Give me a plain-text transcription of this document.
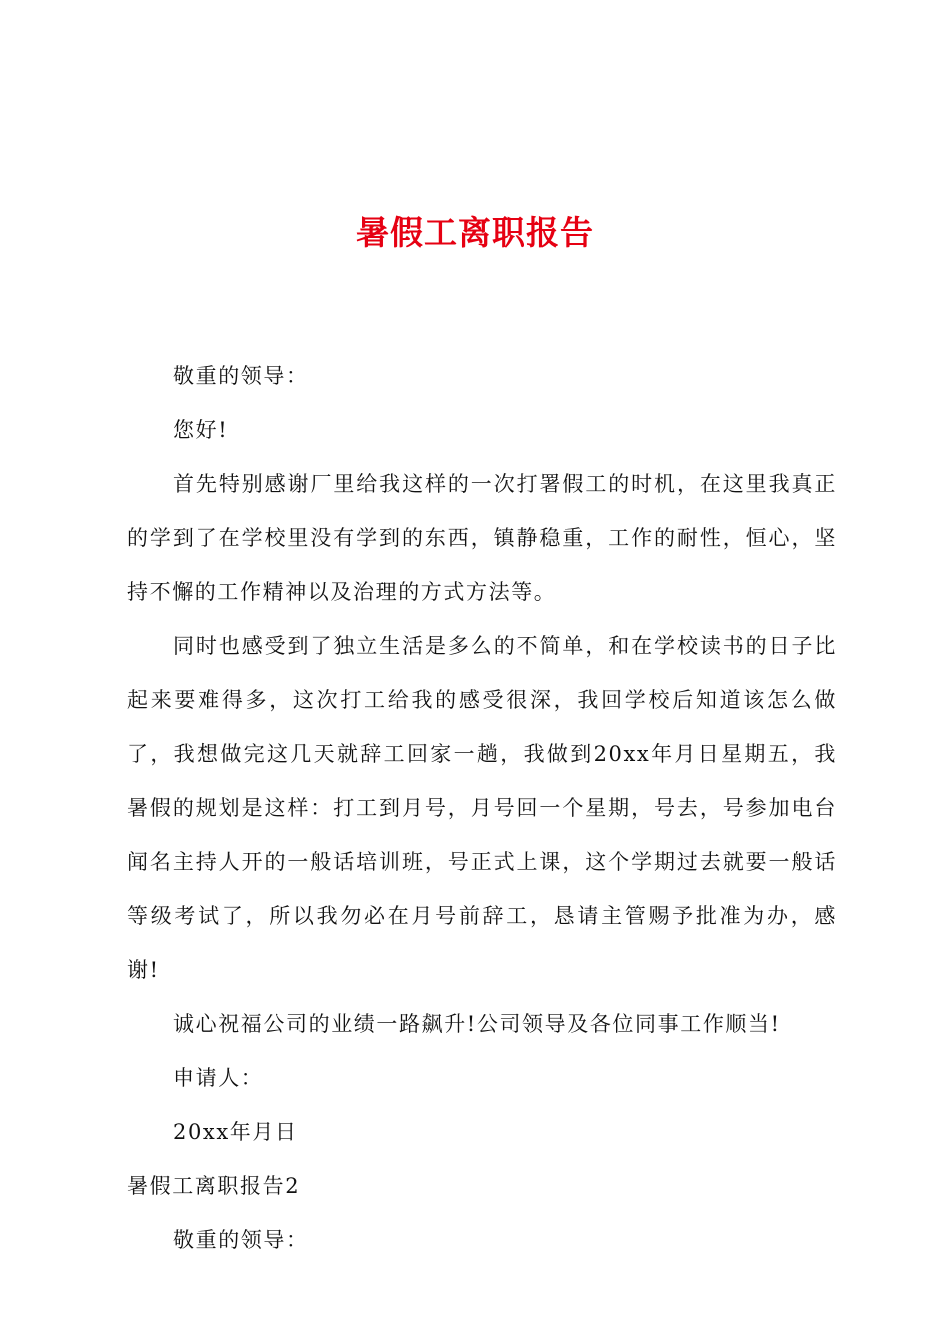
暑假工离职报告

敬重的领导：

您好!

首先特别感谢厂里给我这样的一次打署假工的时机，在这里我真正的学到了在学校里没有学到的东西，镇静稳重，工作的耐性，恒心，坚持不懈的工作精神以及治理的方式方法等。

同时也感受到了独立生活是多么的不简单，和在学校读书的日子比起来要难得多，这次打工给我的感受很深，我回学校后知道该怎么做了，我想做完这几天就辞工回家一趟，我做到20xx年月日星期五，我暑假的规划是这样：打工到月号，月号回一个星期，号去，号参加电台闻名主持人开的一般话培训班，号正式上课，这个学期过去就要一般话等级考试了，所以我勿必在月号前辞工，恳请主管赐予批准为办，感谢!

诚心祝福公司的业绩一路飙升!公司领导及各位同事工作顺当!

申请人：

20xx年月日

暑假工离职报告2

敬重的领导：
